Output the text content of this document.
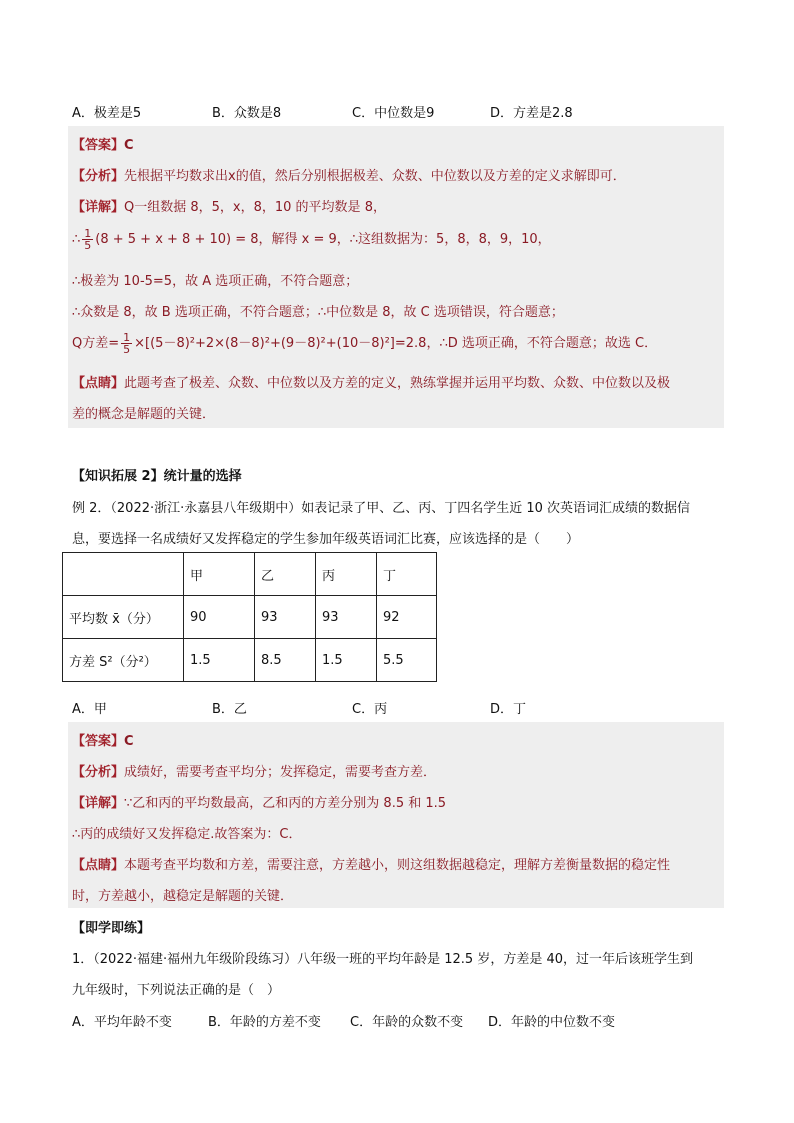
A．极差是5	B．众数是8	C．中位数是9	D．方差是2.8
【答案】C
【分析】先根据平均数求出x的值，然后分别根据极差、众数、中位数以及方差的定义求解即可．
【详解】Q一组数据 8，5，x，8，10 的平均数是 8，
∴ $\frac{1}{5} (8 + 5 + x + 8 + 10) = 8$，解得 x = 9，∴这组数据为：5，8，8，9，10，
∴极差为 10-5=5，故 A 选项正确，不符合题意；
∴众数是 8，故 B 选项正确，不符合题意；∴中位数是 8，故 C 选项错误，符合题意；
Q方差= $\frac{1}{5} \times[(5-8)^2+2\times(8-8)^2+(9-8)^2+(10-8)^2]=2.8$，∴D 选项正确，不符合题意；故选 C．
【点睛】此题考查了极差、众数、中位数以及方差的定义，熟练掌握并运用平均数、众数、中位数以及极
差的概念是解题的关键．
【知识拓展 2】统计量的选择
例 2．（2022·浙江·永嘉县八年级期中）如表记录了甲、乙、丙、丁四名学生近 10 次英语词汇成绩的数据信
息，要选择一名成绩好又发挥稳定的学生参加年级英语词汇比赛，应该选择的是（　　）
	甲	乙	丙	丁
平均数 x̄（分）	90	93	93	92
方差 S²（分²）	1.5	8.5	1.5	5.5
A．甲	B．乙	C．丙	D．丁
【答案】C
【分析】成绩好，需要考查平均分；发挥稳定，需要考查方差．
【详解】∵乙和丙的平均数最高，乙和丙的方差分别为 8.5 和 1.5
∴丙的成绩好又发挥稳定.故答案为：C．
【点睛】本题考查平均数和方差，需要注意，方差越小，则这组数据越稳定，理解方差衡量数据的稳定性
时，方差越小，越稳定是解题的关键．
【即学即练】
1．（2022·福建·福州九年级阶段练习）八年级一班的平均年龄是 12.5 岁，方差是 40，过一年后该班学生到
九年级时，下列说法正确的是（　）
A．平均年龄不变	B．年龄的方差不变	C．年龄的众数不变	D．年龄的中位数不变
